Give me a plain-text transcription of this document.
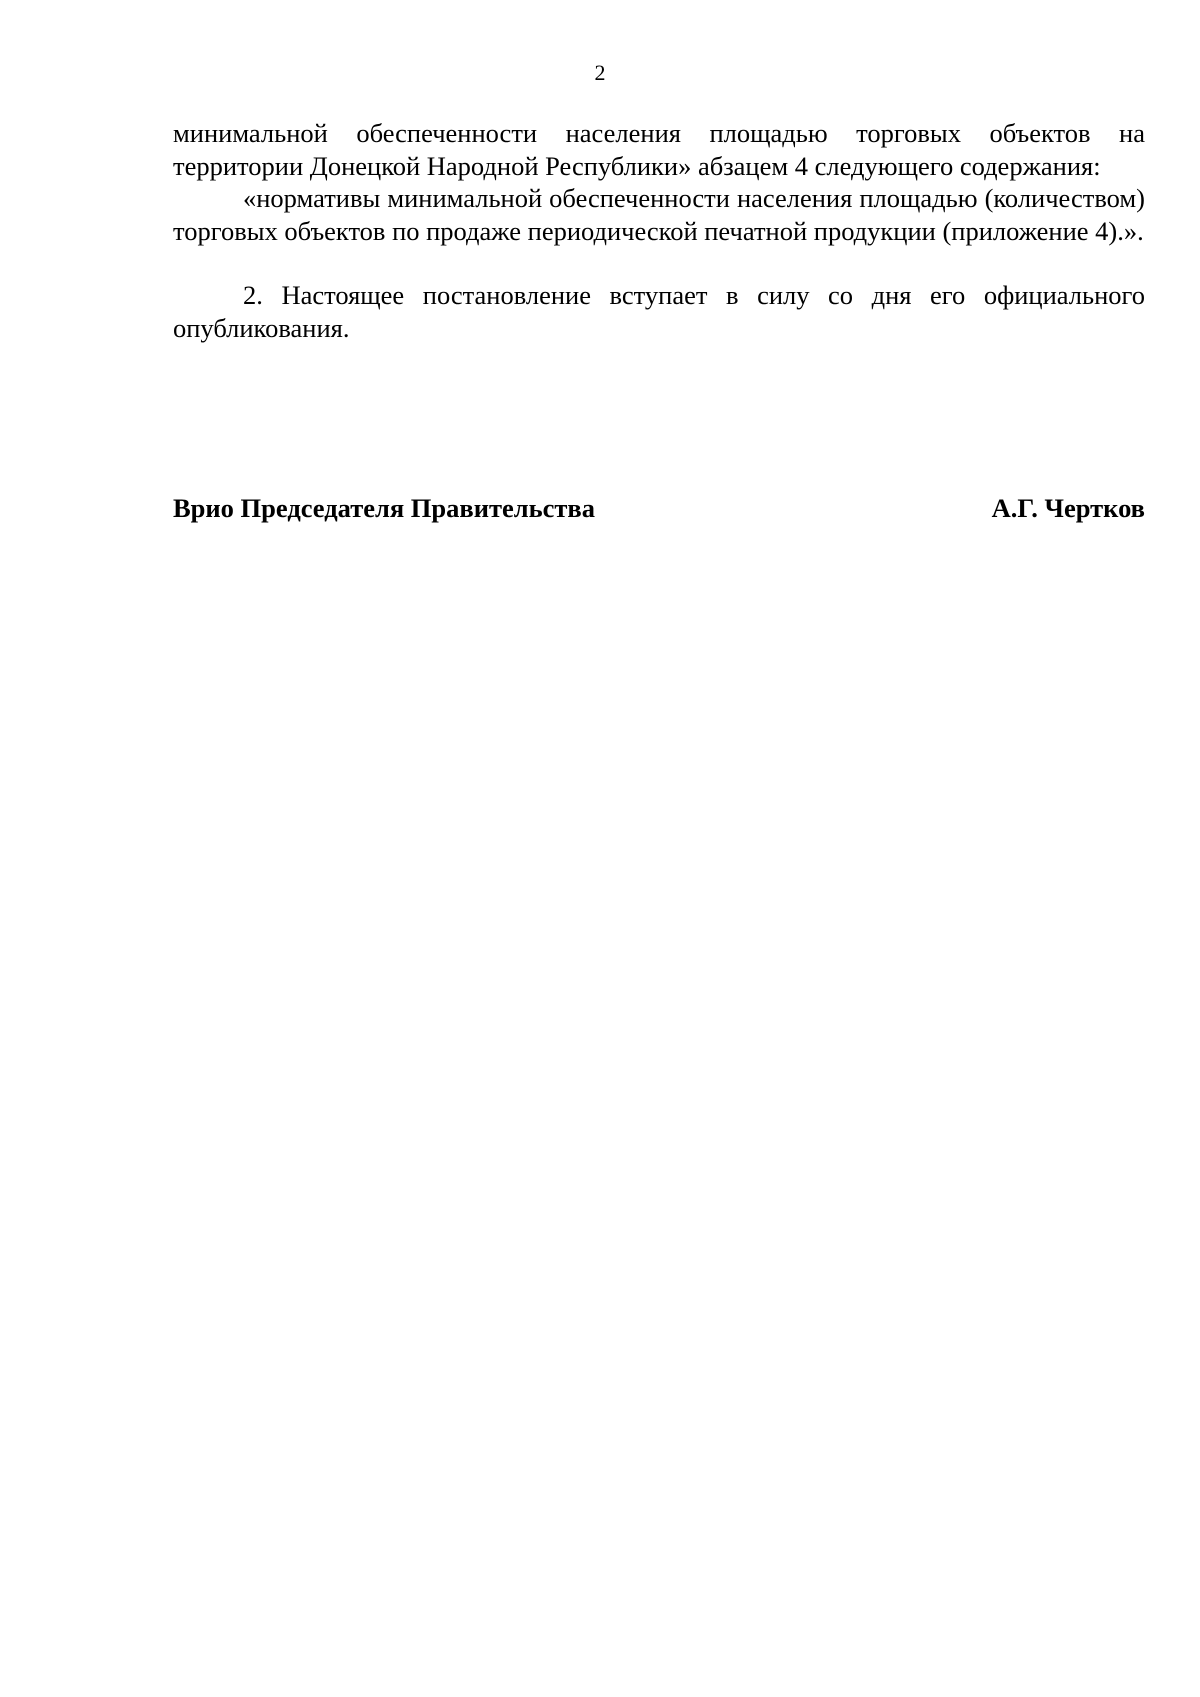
2

минимальной обеспеченности населения площадью торговых объектов на территории Донецкой Народной Республики» абзацем 4 следующего содержания:

«нормативы минимальной обеспеченности населения площадью (количеством) торговых объектов по продаже периодической печатной продукции (приложение 4).».

2. Настоящее постановление вступает в силу со дня его официального опубликования.

Врио Председателя Правительства	А.Г. Чертков
